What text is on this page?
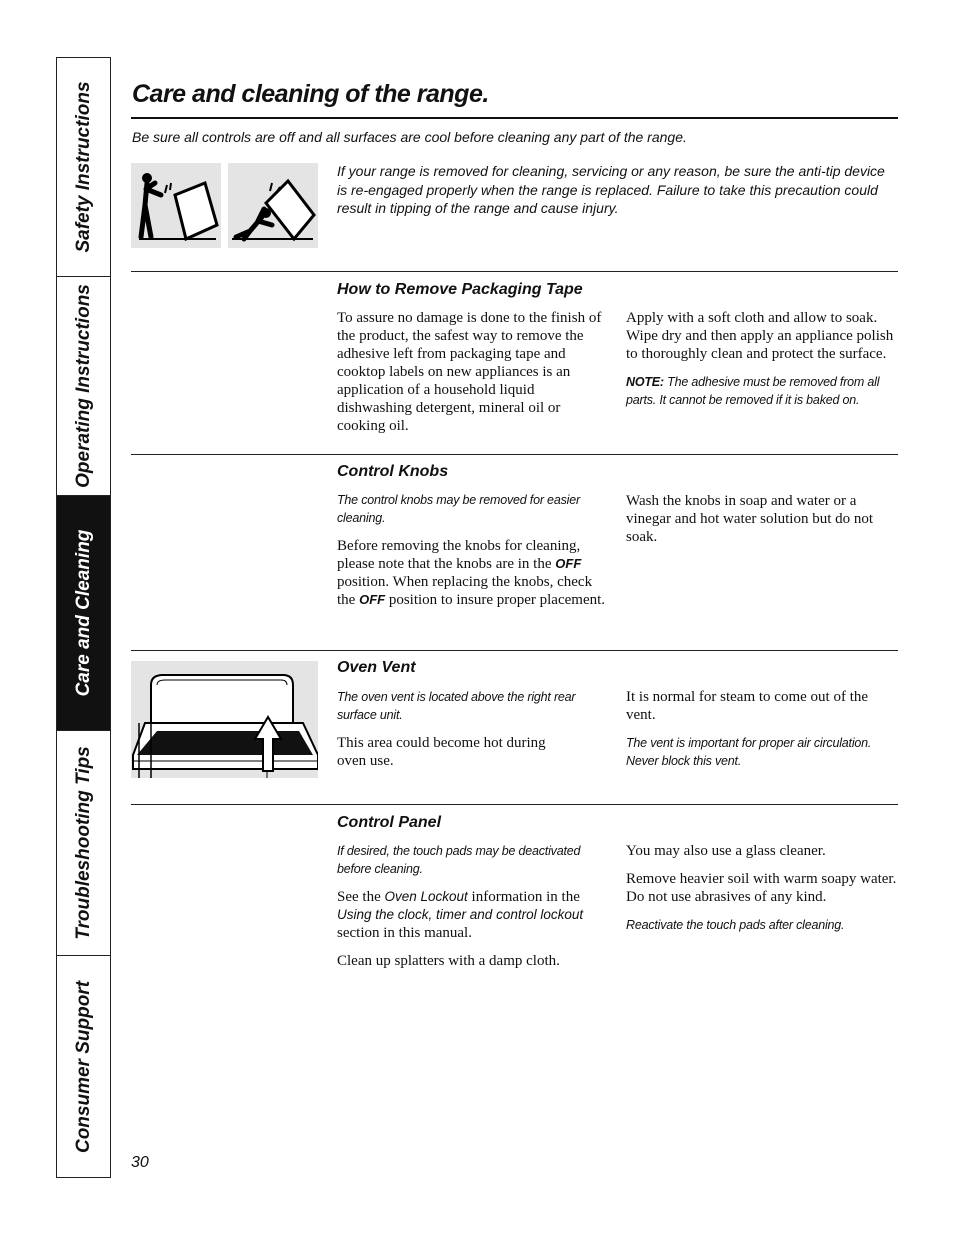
Safety Instructions
Operating Instructions
Care and Cleaning
Troubleshooting Tips
Consumer Support
Care and cleaning of the range.
Be sure all controls are off and all surfaces are cool before cleaning any part of the range.
If your range is removed for cleaning, servicing or any reason, be sure the anti-tip device is re-engaged properly when the range is replaced. Failure to take this precaution could result in tipping of the range and cause injury.
How to Remove Packaging Tape

To assure no damage is done to the finish of the product, the safest way to remove the adhesive left from packaging tape and cooktop labels on new appliances is an application of a household liquid dishwashing detergent, mineral oil or cooking oil.

Apply with a soft cloth and allow to soak. Wipe dry and then apply an appliance polish to thoroughly clean and protect the surface.

NOTE: The adhesive must be removed from all parts. It cannot be removed if it is baked on.

Control Knobs

The control knobs may be removed for easier cleaning.

Before removing the knobs for cleaning, please note that the knobs are in the OFF position. When replacing the knobs, check the OFF position to insure proper placement.

Wash the knobs in soap and water or a vinegar and hot water solution but do not soak.

Oven Vent

The oven vent is located above the right rear surface unit.

This area could become hot during oven use.

It is normal for steam to come out of the vent.

The vent is important for proper air circulation. Never block this vent.

Control Panel

If desired, the touch pads may be deactivated before cleaning.

See the Oven Lockout information in the Using the clock, timer and control lockout section in this manual.

Clean up splatters with a damp cloth.

You may also use a glass cleaner.

Remove heavier soil with warm soapy water. Do not use abrasives of any kind.

Reactivate the touch pads after cleaning.

30
